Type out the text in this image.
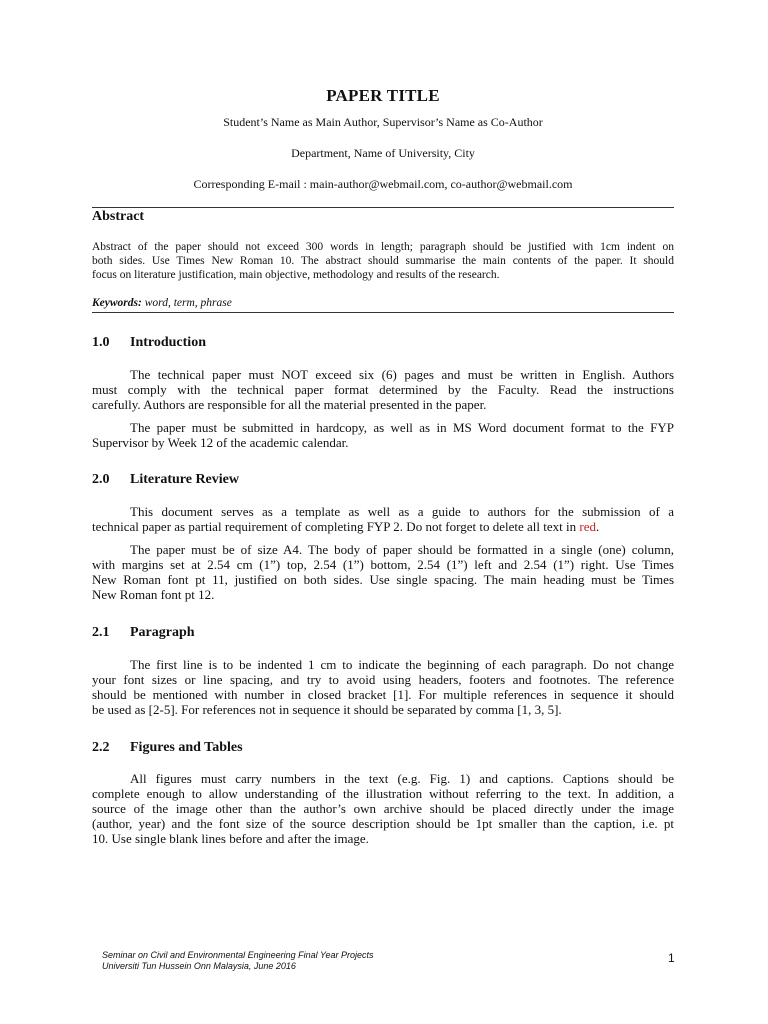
PAPER TITLE
Student’s Name as Main Author, Supervisor’s Name as Co-Author
Department, Name of University, City
Corresponding E-mail : main-author@webmail.com, co-author@webmail.com
Abstract
Abstract of the paper should not exceed 300 words in length; paragraph should be justified with 1cm indent on
both sides. Use Times New Roman 10. The abstract should summarise the main contents of the paper. It should
focus on literature justification, main objective, methodology and results of the research.
Keywords: word, term, phrase
1.0 Introduction
The technical paper must NOT exceed six (6) pages and must be written in English. Authors
must comply with the technical paper format determined by the Faculty. Read the instructions
carefully. Authors are responsible for all the material presented in the paper.
The paper must be submitted in hardcopy, as well as in MS Word document format to the FYP
Supervisor by Week 12 of the academic calendar.
2.0 Literature Review
This document serves as a template as well as a guide to authors for the submission of a
technical paper as partial requirement of completing FYP 2. Do not forget to delete all text in red.
The paper must be of size A4. The body of paper should be formatted in a single (one) column,
with margins set at 2.54 cm (1”) top, 2.54 (1”) bottom, 2.54 (1”) left and 2.54 (1”) right. Use Times
New Roman font pt 11, justified on both sides. Use single spacing. The main heading must be Times
New Roman font pt 12.
2.1 Paragraph
The first line is to be indented 1 cm to indicate the beginning of each paragraph. Do not change
your font sizes or line spacing, and try to avoid using headers, footers and footnotes. The reference
should be mentioned with number in closed bracket [1]. For multiple references in sequence it should
be used as [2-5]. For references not in sequence it should be separated by comma [1, 3, 5].
2.2 Figures and Tables
All figures must carry numbers in the text (e.g. Fig. 1) and captions. Captions should be
complete enough to allow understanding of the illustration without referring to the text. In addition, a
source of the image other than the author’s own archive should be placed directly under the image
(author, year) and the font size of the source description should be 1pt smaller than the caption, i.e. pt
10. Use single blank lines before and after the image.
Seminar on Civil and Environmental Engineering Final Year Projects
Universiti Tun Hussein Onn Malaysia, June 2016
1
